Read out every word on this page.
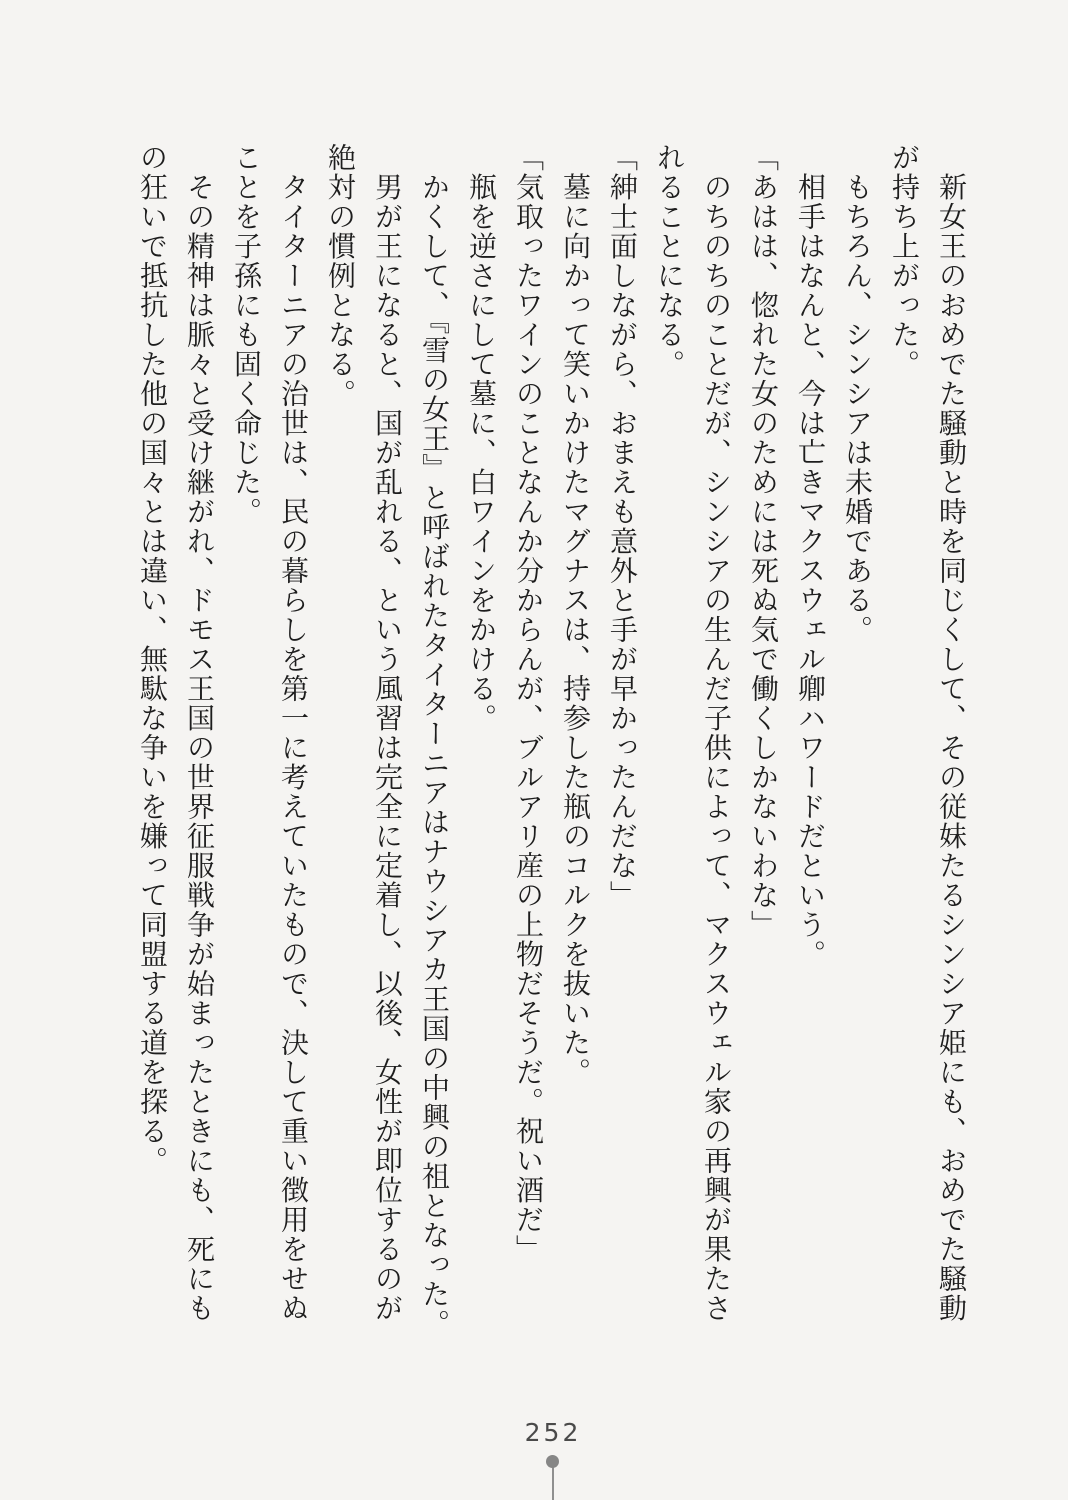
　新女王のおめでた騒動と時を同じくして、その従妹たるシンシア姫にも、おめでた騒動

が持ち上がった。

　もちろん、シンシアは未婚である。

　相手はなんと、今は亡きマクスウェル卿ハワードだという。

「あはは、惚れた女のためには死ぬ気で働くしかないわな」

　のちのちのことだが、シンシアの生んだ子供によって、マクスウェル家の再興が果たさ

れることになる。

「紳士面しながら、おまえも意外と手が早かったんだな」

　墓に向かって笑いかけたマグナスは、持参した瓶のコルクを抜いた。

「気取ったワインのことなんか分からんが、ブルアリ産の上物だそうだ。祝い酒だ」

　瓶を逆さにして墓に、白ワインをかける。

　かくして、『雪の女王』と呼ばれたタイターニアはナウシアカ王国の中興の祖となった。

　男が王になると、国が乱れる、という風習は完全に定着し、以後、女性が即位するのが

絶対の慣例となる。

　タイターニアの治世は、民の暮らしを第一に考えていたもので、決して重い徴用をせぬ

ことを子孫にも固く命じた。

　その精神は脈々と受け継がれ、ドモス王国の世界征服戦争が始まったときにも、死にも

の狂いで抵抗した他の国々とは違い、無駄な争いを嫌って同盟する道を探る。

252
